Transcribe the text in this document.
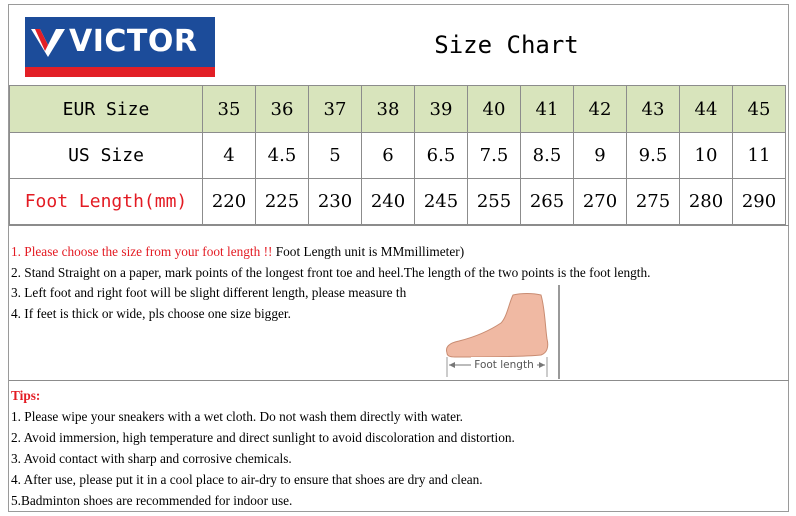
VICTOR	Size Chart
EUR Size	35	36	37	38	39	40	41	42	43	44	45
US Size	4	4.5	5	6	6.5	7.5	8.5	9	9.5	10	11
Foot Length(mm)	220	225	230	240	245	255	265	270	275	280	290

1. Please choose the size from your foot length !! Foot Length unit is MMmillimeter)

2. Stand Straight on a paper, mark points of the longest front toe and heel.The length of the two points is the foot length.

3. Left foot and right foot will be slight different length, please measure th

4. If feet is thick or wide, pls choose one size bigger.

Foot length

Tips:

1. Please wipe your sneakers with a wet cloth. Do not wash them directly with water.

2. Avoid immersion, high temperature and direct sunlight to avoid discoloration and distortion.

3. Avoid contact with sharp and corrosive chemicals.

4. After use, please put it in a cool place to air-dry to ensure that shoes are dry and clean.

5.Badminton shoes are recommended for indoor use.
